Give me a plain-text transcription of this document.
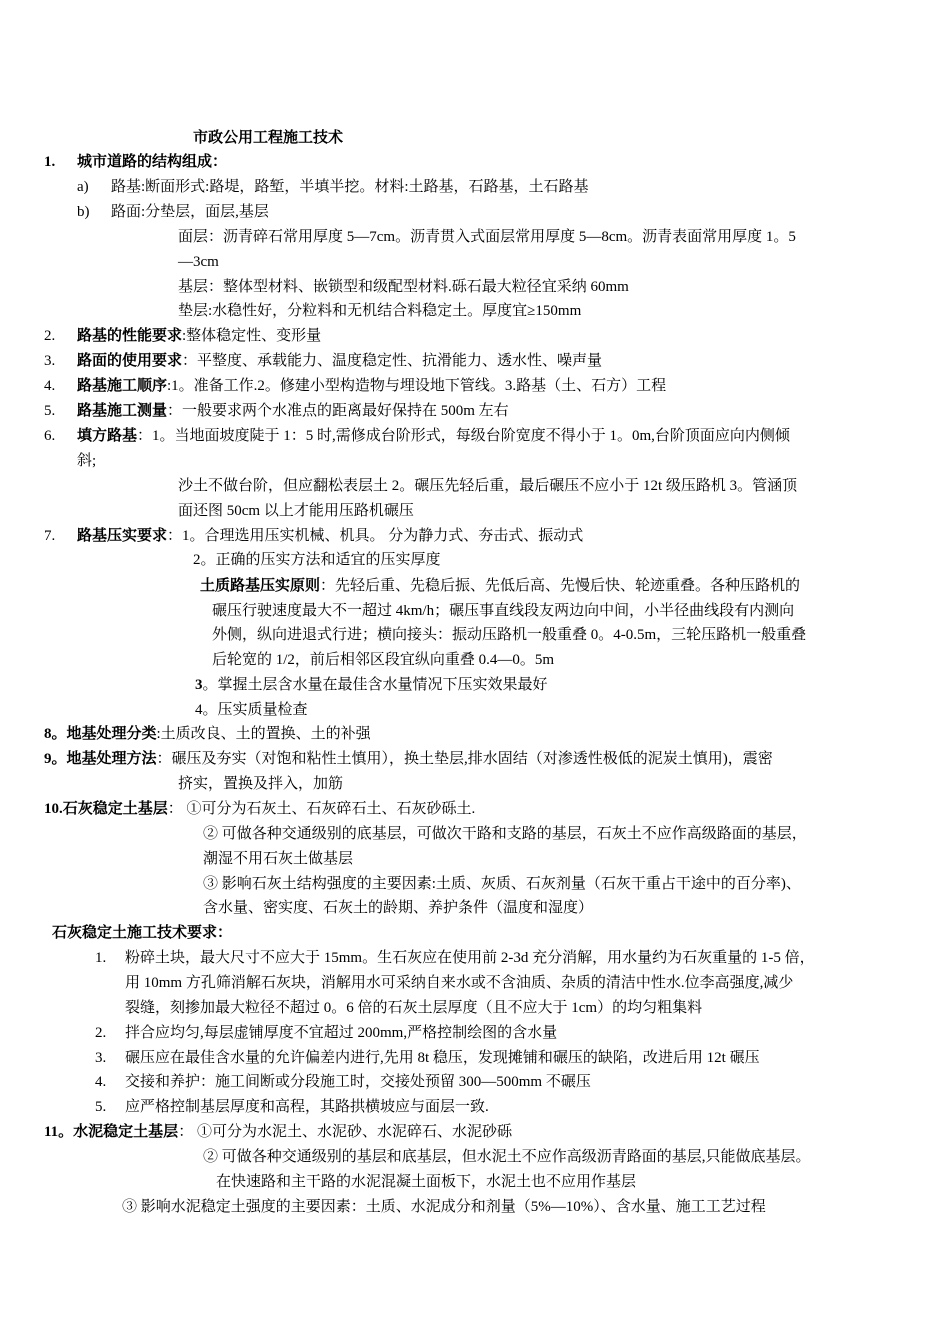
市政公用工程施工技术
1. 城市道路的结构组成：
a) 路基:断面形式:路堤，路堑，半填半挖。材料:土路基，石路基，土石路基
b) 路面:分垫层，面层,基层
面层：沥青碎石常用厚度 5—7cm。沥青贯入式面层常用厚度 5—8cm。沥青表面常用厚度 1。5
—3cm
基层：整体型材料、嵌锁型和级配型材料.砾石最大粒径宜采纳 60mm
垫层:水稳性好，分粒料和无机结合料稳定土。厚度宜≥150mm
2. 路基的性能要求:整体稳定性、变形量
3. 路面的使用要求：平整度、承载能力、温度稳定性、抗滑能力、透水性、噪声量
4. 路基施工顺序:1。准备工作.2。修建小型构造物与埋设地下管线。3.路基（土、石方）工程
5. 路基施工测量：一般要求两个水准点的距离最好保持在 500m 左右
6. 填方路基：1。当地面坡度陡于 1：5 时,需修成台阶形式，每级台阶宽度不得小于 1。0m,台阶顶面应向内侧倾
斜;
沙土不做台阶，但应翻松表层土 2。碾压先轻后重，最后碾压不应小于 12t 级压路机 3。管涵顶
面还图 50cm 以上才能用压路机碾压
7. 路基压实要求：1。合理选用压实机械、机具。 分为静力式、夯击式、振动式
2。正确的压实方法和适宜的压实厚度
土质路基压实原则：先轻后重、先稳后振、先低后高、先慢后快、轮迹重叠。各种压路机的
碾压行驶速度最大不一超过 4km/h；碾压事直线段友两边向中间，小半径曲线段有内测向
外侧，纵向进退式行进；横向接头：振动压路机一般重叠 0。4-0.5m，三轮压路机一般重叠
后轮宽的 1/2，前后相邻区段宜纵向重叠 0.4—0。5m
3。掌握土层含水量在最佳含水量情况下压实效果最好
4。压实质量检查
8。地基处理分类:土质改良、土的置换、土的补强
9。地基处理方法：碾压及夯实（对饱和粘性土慎用），换土垫层,排水固结（对渗透性极低的泥炭土慎用)，震密
挤实，置换及拌入，加筋
10.石灰稳定土基层： ①可分为石灰土、石灰碎石土、石灰砂砾土.
② 可做各种交通级别的底基层，可做次干路和支路的基层，石灰土不应作高级路面的基层，
潮湿不用石灰土做基层
③ 影响石灰土结构强度的主要因素:土质、灰质、石灰剂量（石灰干重占干途中的百分率)、
含水量、密实度、石灰土的龄期、养护条件（温度和湿度）
石灰稳定土施工技术要求：
1. 粉碎土块，最大尺寸不应大于 15mm。生石灰应在使用前 2-3d 充分消解，用水量约为石灰重量的 1-5 倍，
用 10mm 方孔筛消解石灰块，消解用水可采纳自来水或不含油质、杂质的清洁中性水.位李高强度,减少
裂缝，刻掺加最大粒径不超过 0。6 倍的石灰土层厚度（且不应大于 1cm）的均匀粗集料
2. 拌合应均匀,每层虚铺厚度不宜超过 200mm,严格控制绘图的含水量
3. 碾压应在最佳含水量的允许偏差内进行,先用 8t 稳压，发现摊铺和碾压的缺陷，改进后用 12t 碾压
4. 交接和养护：施工间断或分段施工时，交接处预留 300—500mm 不碾压
5. 应严格控制基层厚度和高程，其路拱横坡应与面层一致.
11。水泥稳定土基层： ①可分为水泥土、水泥砂、水泥碎石、水泥砂砾
② 可做各种交通级别的基层和底基层，但水泥土不应作高级沥青路面的基层,只能做底基层。
在快速路和主干路的水泥混凝土面板下，水泥土也不应用作基层
③ 影响水泥稳定土强度的主要因素：土质、水泥成分和剂量（5%—10%）、含水量、施工工艺过程
